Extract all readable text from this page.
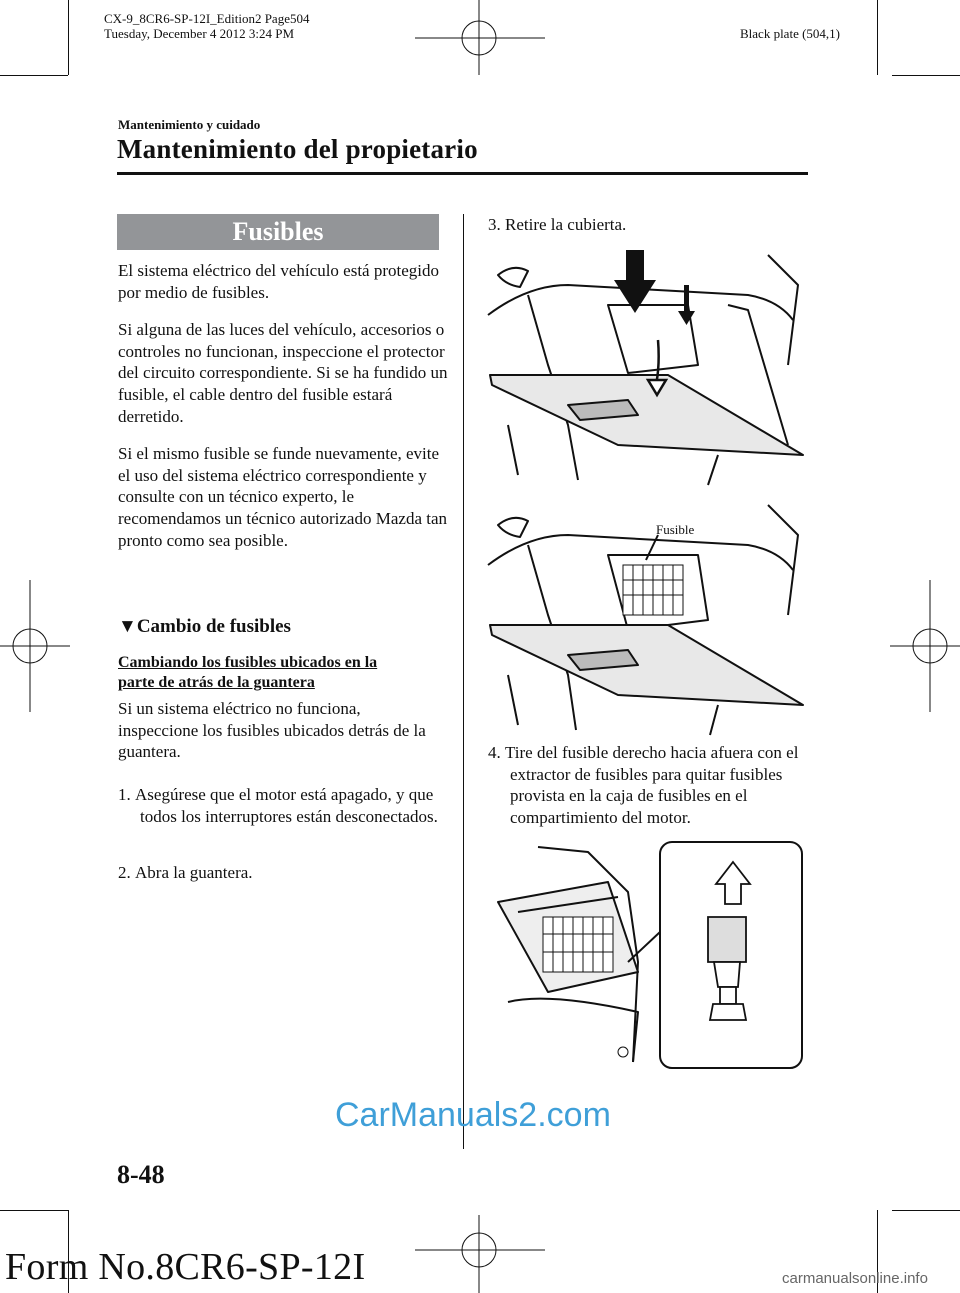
CX-9_8CR6-SP-12I_Edition2 Page504
Tuesday, December 4 2012 3:24 PM	Black plate (504,1)
Mantenimiento y cuidado
Mantenimiento del propietario
Fusibles

El sistema eléctrico del vehículo está protegido por medio de fusibles.

Si alguna de las luces del vehículo, accesorios o controles no funcionan, inspeccione el protector del circuito correspondiente. Si se ha fundido un fusible, el cable dentro del fusible estará derretido.

Si el mismo fusible se funde nuevamente, evite el uso del sistema eléctrico correspondiente y consulte con un técnico experto, le recomendamos un técnico autorizado Mazda tan pronto como sea posible.

▼Cambio de fusibles
Cambiando los fusibles ubicados en la
parte de atrás de la guantera

Si un sistema eléctrico no funciona, inspeccione los fusibles ubicados detrás de la guantera.

1. Asegúrese que el motor está apagado, y que todos los interruptores están desconectados.
2. Abra la guantera.
3. Retire la cubierta.
Fusible
4. Tire del fusible derecho hacia afuera con el extractor de fusibles para quitar fusibles provista en la caja de fusibles en el compartimiento del motor.
CarManuals2.com
8-48
Form No.8CR6-SP-12I	carmanualsonline.info
